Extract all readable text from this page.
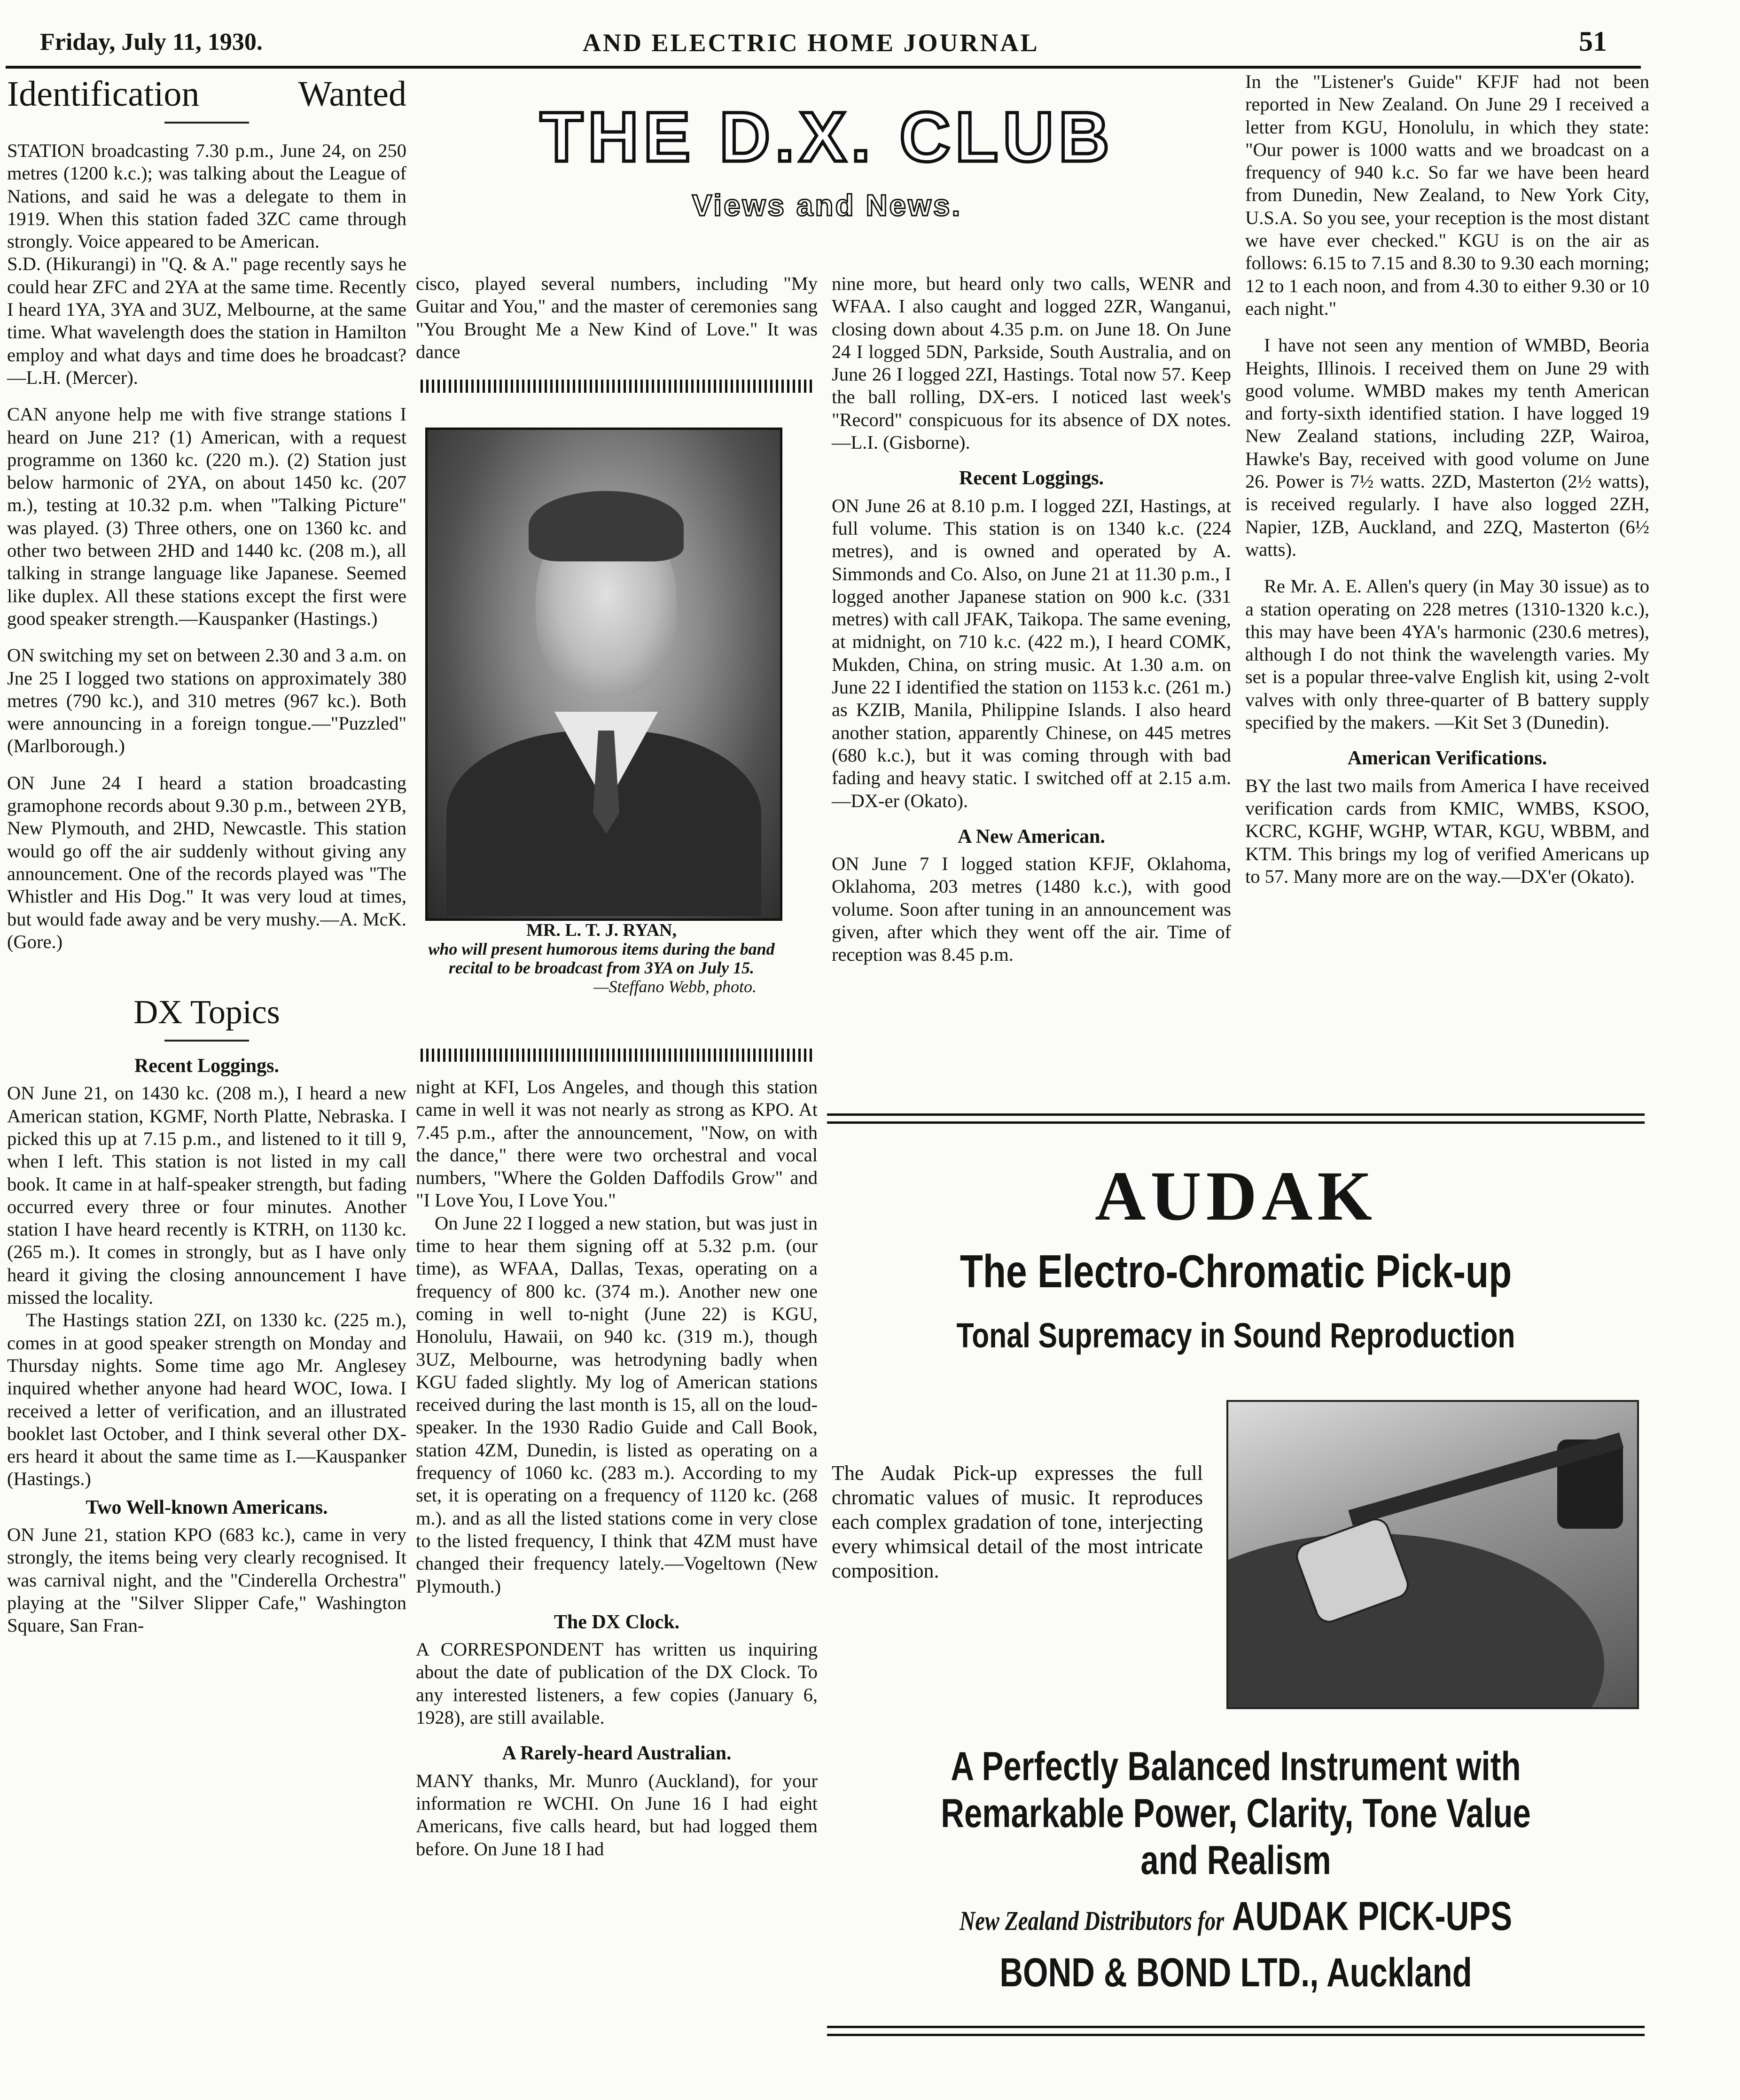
Friday, July 11, 1930.	AND ELECTRIC HOME JOURNAL	51
Identification	Wanted

STATION broadcasting 7.30 p.m., June 24, on 250 metres (1200 k.c.); was talking about the League of Nations, and said he was a delegate to them in 1919. When this station faded 3ZC came through strongly. Voice appeared to be American.

S.D. (Hikurangi) in "Q. & A." page recently says he could hear ZFC and 2YA at the same time. Recently I heard 1YA, 3YA and 3UZ, Melbourne, at the same time. What wavelength does the station in Hamilton employ and what days and time does he broadcast?—L.H. (Mercer).

CAN anyone help me with five strange stations I heard on June 21? (1) American, with a request programme on 1360 kc. (220 m.). (2) Station just below harmonic of 2YA, on about 1450 kc. (207 m.), testing at 10.32 p.m. when "Talking Picture" was played. (3) Three others, one on 1360 kc. and other two between 2HD and 1440 kc. (208 m.), all talking in strange language like Japanese. Seemed like duplex. All these stations except the first were good speaker strength.—Kauspanker (Hastings.)

ON switching my set on between 2.30 and 3 a.m. on Jne 25 I logged two stations on approximately 380 metres (790 kc.), and 310 metres (967 kc.). Both were announcing in a foreign tongue.—"Puzzled" (Marlborough.)

ON June 24 I heard a station broadcasting gramophone records about 9.30 p.m., between 2YB, New Plymouth, and 2HD, Newcastle. This station would go off the air suddenly without giving any announcement. One of the records played was "The Whistler and His Dog." It was very loud at times, but would fade away and be very mushy.—A. McK. (Gore.)

DX Topics
Recent Loggings.

ON June 21, on 1430 kc. (208 m.), I heard a new American station, KGMF, North Platte, Nebraska. I picked this up at 7.15 p.m., and listened to it till 9, when I left. This station is not listed in my call book. It came in at half-speaker strength, but fading occurred every three or four minutes. Another station I have heard recently is KTRH, on 1130 kc. (265 m.). It comes in strongly, but as I have only heard it giving the closing announcement I have missed the locality.

The Hastings station 2ZI, on 1330 kc. (225 m.), comes in at good speaker strength on Monday and Thursday nights. Some time ago Mr. Anglesey inquired whether anyone had heard WOC, Iowa. I received a letter of verification, and an illustrated booklet last October, and I think several other DX-ers heard it about the same time as I.—Kauspanker (Hastings.)

Two Well-known Americans.

ON June 21, station KPO (683 kc.), came in very strongly, the items being very clearly recognised. It was carnival night, and the "Cinderella Orchestra" playing at the "Silver Slipper Cafe," Washington Square, San Fran-

THE D.X. CLUB
Views and News.

cisco, played several numbers, including "My Guitar and You," and the master of ceremonies sang "You Brought Me a New Kind of Love." It was dance

MR. L. T. J. RYAN,
who will present humorous items during the band recital to be broadcast from 3YA on July 15.
—Steffano Webb, photo.

night at KFI, Los Angeles, and though this station came in well it was not nearly as strong as KPO. At 7.45 p.m., after the announcement, "Now, on with the dance," there were two orchestral and vocal numbers, "Where the Golden Daffodils Grow" and "I Love You, I Love You."

On June 22 I logged a new station, but was just in time to hear them signing off at 5.32 p.m. (our time), as WFAA, Dallas, Texas, operating on a frequency of 800 kc. (374 m.). Another new one coming in well to-night (June 22) is KGU, Honolulu, Hawaii, on 940 kc. (319 m.), though 3UZ, Melbourne, was hetrodyning badly when KGU faded slightly. My log of American stations received during the last month is 15, all on the loud-speaker. In the 1930 Radio Guide and Call Book, station 4ZM, Dunedin, is listed as operating on a frequency of 1060 kc. (283 m.). According to my set, it is operating on a frequency of 1120 kc. (268 m.). and as all the listed stations come in very close to the listed frequency, I think that 4ZM must have changed their frequency lately.—Vogeltown (New Plymouth.)

The DX Clock.

A CORRESPONDENT has written us inquiring about the date of publication of the DX Clock. To any interested listeners, a few copies (January 6, 1928), are still available.

A Rarely-heard Australian.

MANY thanks, Mr. Munro (Auckland), for your information re WCHI. On June 16 I had eight Americans, five calls heard, but had logged them before. On June 18 I had

nine more, but heard only two calls, WENR and WFAA. I also caught and logged 2ZR, Wanganui, closing down about 4.35 p.m. on June 18. On June 24 I logged 5DN, Parkside, South Australia, and on June 26 I logged 2ZI, Hastings. Total now 57. Keep the ball rolling, DX-ers. I noticed last week's "Record" conspicuous for its absence of DX notes.—L.I. (Gisborne).

Recent Loggings.

ON June 26 at 8.10 p.m. I logged 2ZI, Hastings, at full volume. This station is on 1340 k.c. (224 metres), and is owned and operated by A. Simmonds and Co. Also, on June 21 at 11.30 p.m., I logged another Japanese station on 900 k.c. (331 metres) with call JFAK, Taikopa. The same evening, at midnight, on 710 k.c. (422 m.), I heard COMK, Mukden, China, on string music. At 1.30 a.m. on June 22 I identified the station on 1153 k.c. (261 m.) as KZIB, Manila, Philippine Islands. I also heard another station, apparently Chinese, on 445 metres (680 k.c.), but it was coming through with bad fading and heavy static. I switched off at 2.15 a.m.—DX-er (Okato).

A New American.

ON June 7 I logged station KFJF, Oklahoma, Oklahoma, 203 metres (1480 k.c.), with good volume. Soon after tuning in an announcement was given, after which they went off the air. Time of reception was 8.45 p.m.

In the "Listener's Guide" KFJF had not been reported in New Zealand. On June 29 I received a letter from KGU, Honolulu, in which they state: "Our power is 1000 watts and we broadcast on a frequency of 940 k.c. So far we have been heard from Dunedin, New Zealand, to New York City, U.S.A. So you see, your reception is the most distant we have ever checked." KGU is on the air as follows: 6.15 to 7.15 and 8.30 to 9.30 each morning; 12 to 1 each noon, and from 4.30 to either 9.30 or 10 each night."

I have not seen any mention of WMBD, Beoria Heights, Illinois. I received them on June 29 with good volume. WMBD makes my tenth American and forty-sixth identified station. I have logged 19 New Zealand stations, including 2ZP, Wairoa, Hawke's Bay, received with good volume on June 26. Power is 7½ watts. 2ZD, Masterton (2½ watts), is received regularly. I have also logged 2ZH, Napier, 1ZB, Auckland, and 2ZQ, Masterton (6½ watts).

Re Mr. A. E. Allen's query (in May 30 issue) as to a station operating on 228 metres (1310-1320 k.c.), this may have been 4YA's harmonic (230.6 metres), although I do not think the wavelength varies. My set is a popular three-valve English kit, using 2-volt valves with only three-quarter of B battery supply specified by the makers. —Kit Set 3 (Dunedin).

American Verifications.

BY the last two mails from America I have received verification cards from KMIC, WMBS, KSOO, KCRC, KGHF, WGHP, WTAR, KGU, WBBM, and KTM. This brings my log of verified Americans up to 57. Many more are on the way.—DX'er (Okato).

AUDAK
The Electro-Chromatic Pick-up
Tonal Supremacy in Sound Reproduction
The Audak Pick-up expresses the full chromatic values of music. It reproduces each complex gradation of tone, interjecting every whimsical detail of the most intricate composition.
A Perfectly Balanced Instrument with Remarkable Power, Clarity, Tone Value and Realism
New Zealand Distributors for AUDAK PICK-UPS
BOND & BOND LTD., Auckland
